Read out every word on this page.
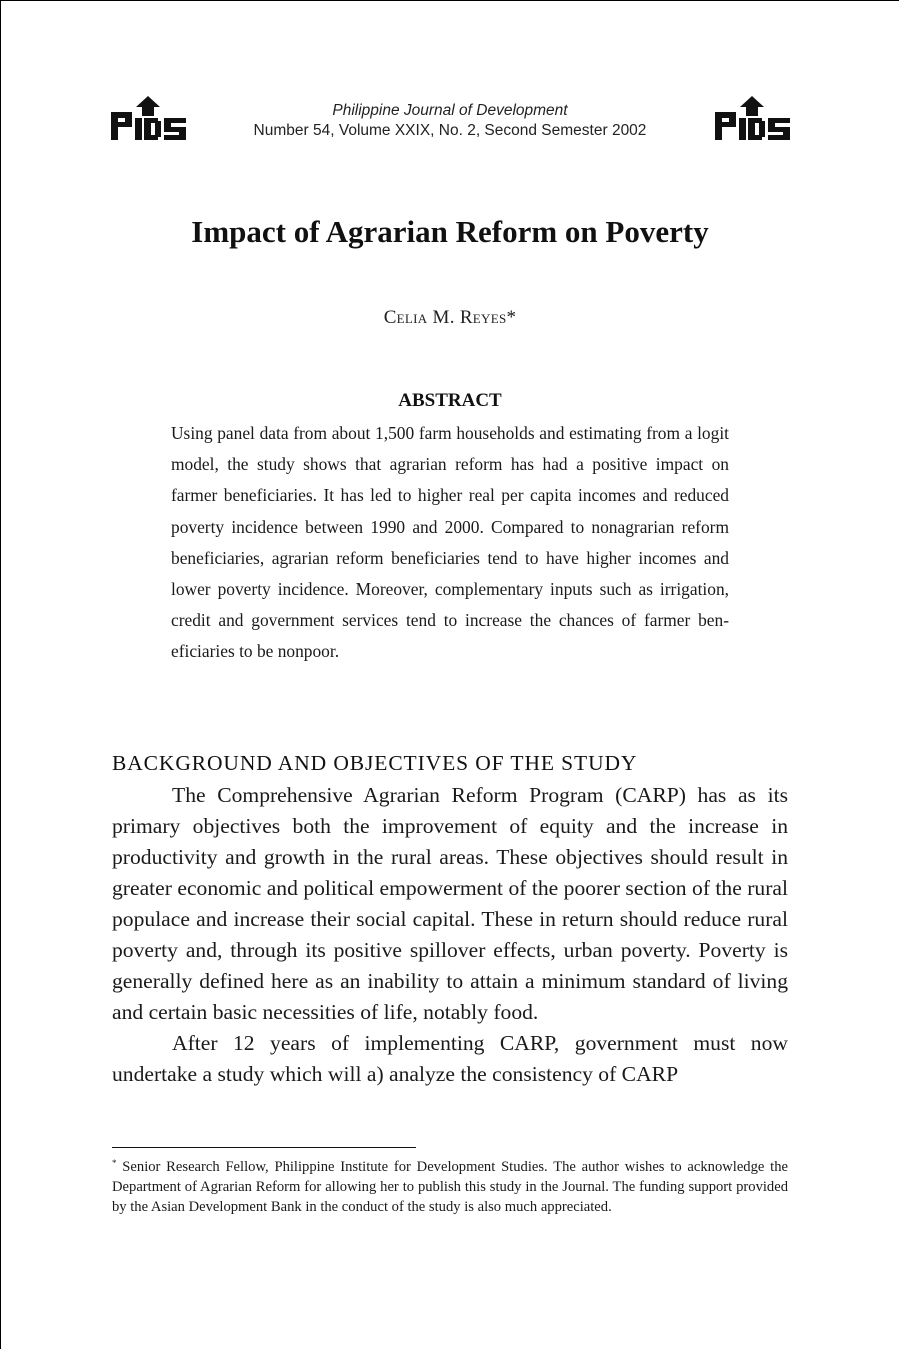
Philippine Journal of Development
Number 54, Volume XXIX, No. 2, Second Semester 2002
Impact of Agrarian Reform on Poverty
Celia M. Reyes*
ABSTRACT

Using panel data from about 1,500 farm households and estimating from a logit model, the study shows that agrarian reform has had a positive impact on farmer beneficiaries. It has led to higher real per capita incomes and reduced poverty incidence between 1990 and 2000. Compared to nonagrarian reform beneficiaries, agrarian reform beneficiaries tend to have higher incomes and lower poverty incidence. Moreover, complementary inputs such as irrigation, credit and government services tend to increase the chances of farmer beneficiaries to be nonpoor.

BACKGROUND AND OBJECTIVES OF THE STUDY

The Comprehensive Agrarian Reform Program (CARP) has as its primary objectives both the improvement of equity and the increase in productivity and growth in the rural areas. These objectives should result in greater economic and political empowerment of the poorer section of the rural populace and increase their social capital. These in return should reduce rural poverty and, through its positive spillover effects, urban poverty. Poverty is generally defined here as an inability to attain a minimum standard of living and certain basic necessities of life, notably food.

After 12 years of implementing CARP, government must now undertake a study which will a) analyze the consistency of CARP

* Senior Research Fellow, Philippine Institute for Development Studies. The author wishes to acknowledge the Department of Agrarian Reform for allowing her to publish this study in the Journal. The funding support provided by the Asian Development Bank in the conduct of the study is also much appreciated.
